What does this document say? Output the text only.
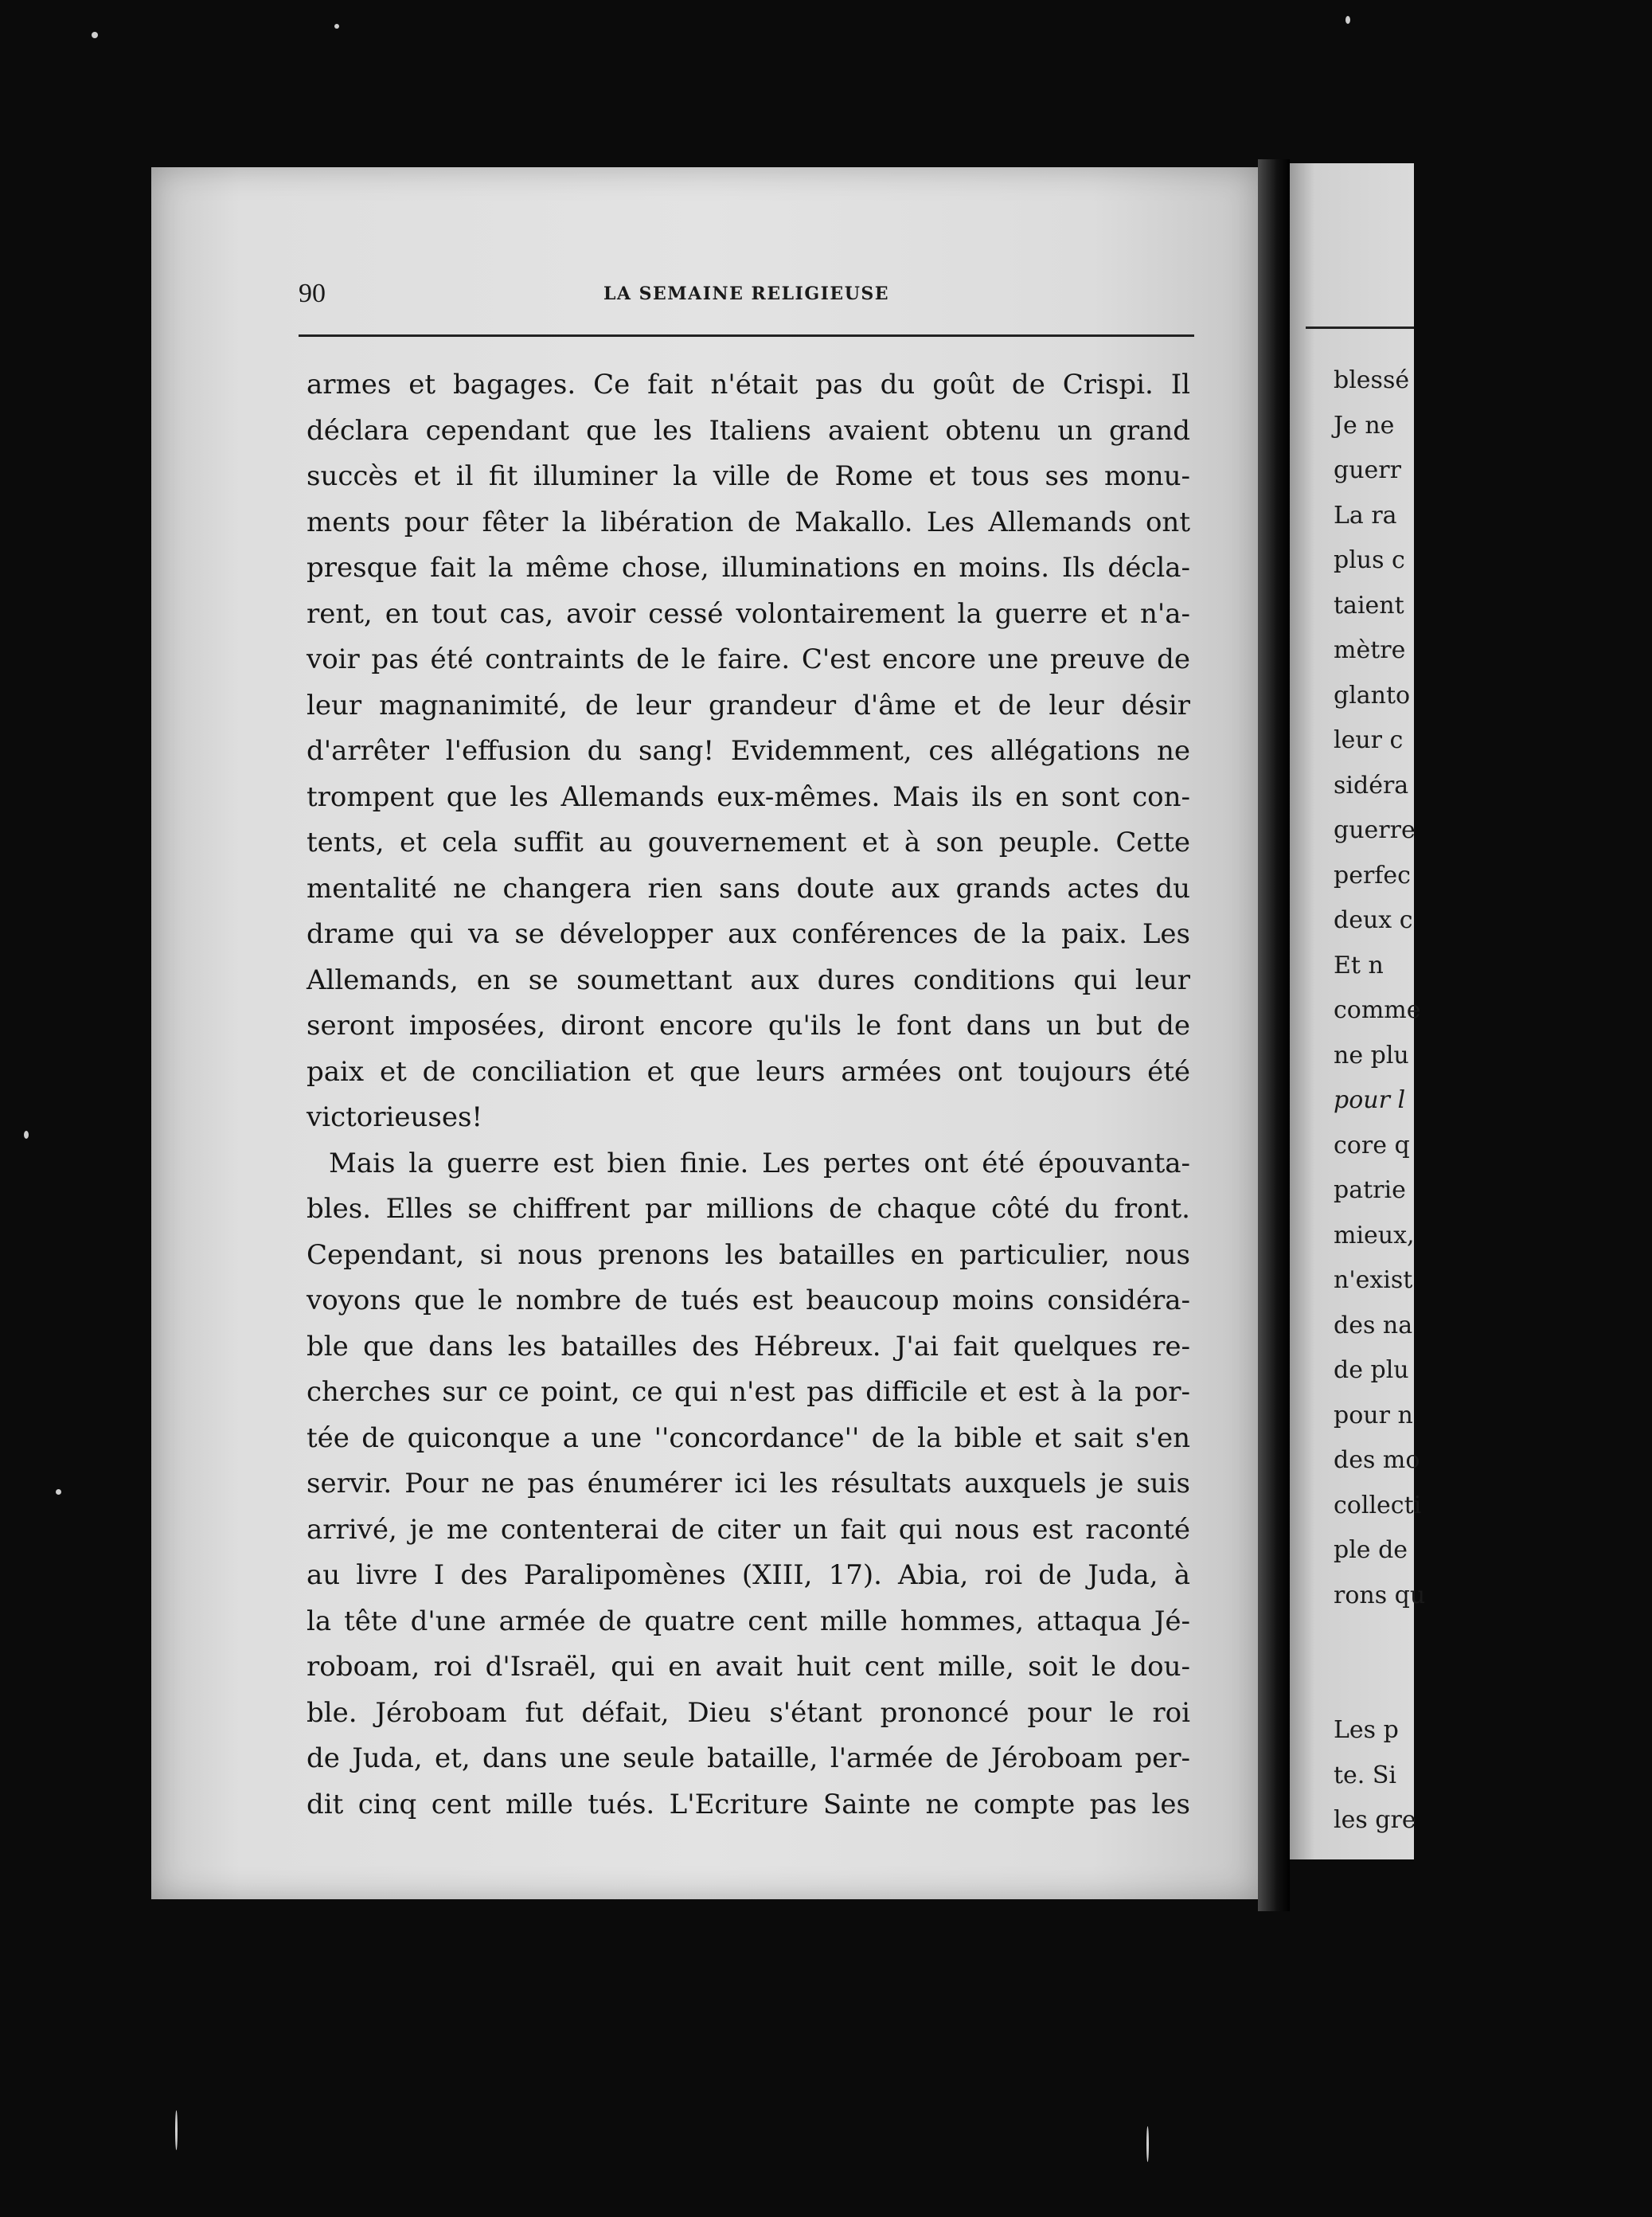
90	LA SEMAINE RELIGIEUSE
armes et bagages. Ce fait n'était pas du goût de Crispi. Il
déclara cependant que les Italiens avaient obtenu un grand
succès et il fit illuminer la ville de Rome et tous ses monu-
ments pour fêter la libération de Makallo. Les Allemands ont
presque fait la même chose, illuminations en moins. Ils décla-
rent, en tout cas, avoir cessé volontairement la guerre et n'a-
voir pas été contraints de le faire. C'est encore une preuve de
leur magnanimité, de leur grandeur d'âme et de leur désir
d'arrêter l'effusion du sang! Evidemment, ces allégations ne
trompent que les Allemands eux-mêmes. Mais ils en sont con-
tents, et cela suffit au gouvernement et à son peuple. Cette
mentalité ne changera rien sans doute aux grands actes du
drame qui va se développer aux conférences de la paix. Les
Allemands, en se soumettant aux dures conditions qui leur
seront imposées, diront encore qu'ils le font dans un but de
paix et de conciliation et que leurs armées ont toujours été
victorieuses!
Mais la guerre est bien finie. Les pertes ont été épouvanta-
bles. Elles se chiffrent par millions de chaque côté du front.
Cependant, si nous prenons les batailles en particulier, nous
voyons que le nombre de tués est beaucoup moins considéra-
ble que dans les batailles des Hébreux. J'ai fait quelques re-
cherches sur ce point, ce qui n'est pas difficile et est à la por-
tée de quiconque a une ''concordance'' de la bible et sait s'en
servir. Pour ne pas énumérer ici les résultats auxquels je suis
arrivé, je me contenterai de citer un fait qui nous est raconté
au livre I des Paralipomènes (XIII, 17). Abia, roi de Juda, à
la tête d'une armée de quatre cent mille hommes, attaqua Jé-
roboam, roi d'Israël, qui en avait huit cent mille, soit le dou-
ble. Jéroboam fut défait, Dieu s'étant prononcé pour le roi
de Juda, et, dans une seule bataille, l'armée de Jéroboam per-
dit cinq cent mille tués. L'Ecriture Sainte ne compte pas les
blessé
Je ne
guerr
La ra
plus c
taient
mètre
glanto
leur c
sidéra
guerre
perfec
deux c
Et n
comme
ne plu
pour l
core q
patrie
mieux,
n'exist
des na
de plu
pour n
des mo
collecti
ple de
rons qu
Les p
te. Si
les gre
